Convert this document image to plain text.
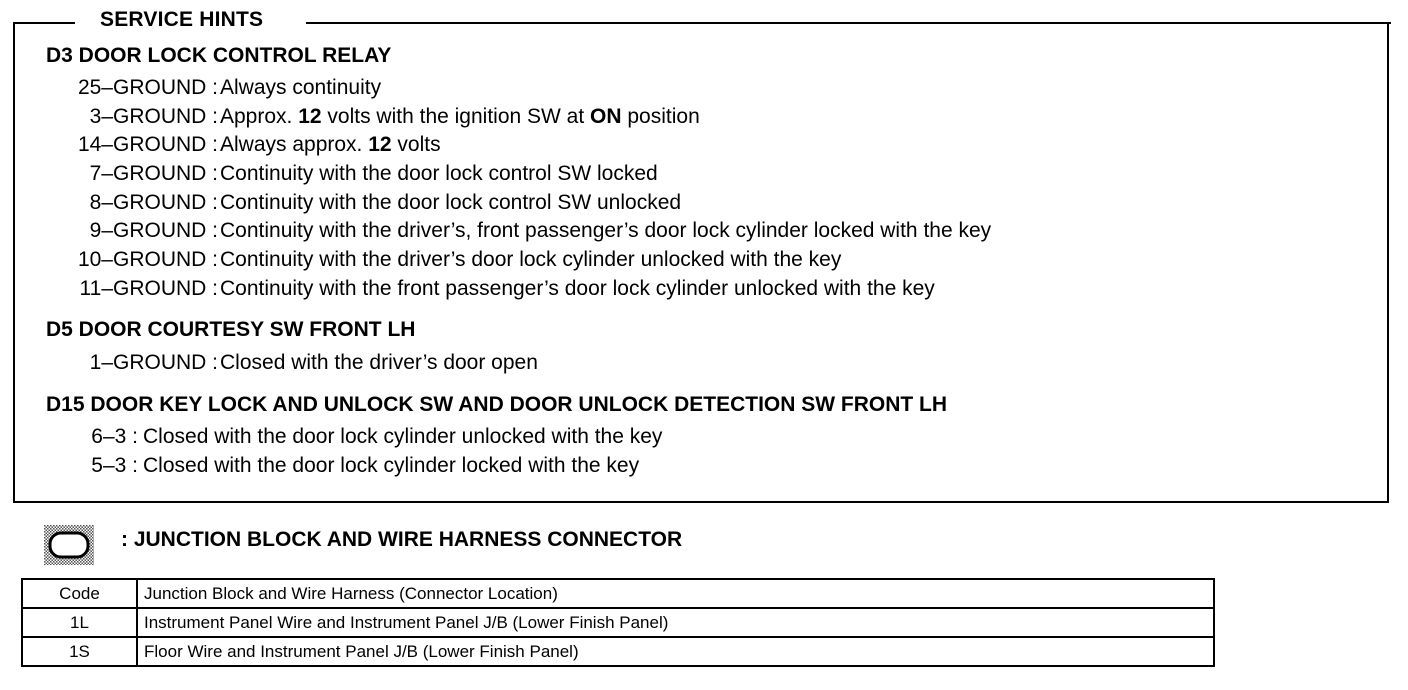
SERVICE HINTS
D3 DOOR LOCK CONTROL RELAY
25–GROUND : Always continuity
3–GROUND : Approx. 12 volts with the ignition SW at ON position
14–GROUND : Always approx. 12 volts
7–GROUND : Continuity with the door lock control SW locked
8–GROUND : Continuity with the door lock control SW unlocked
9–GROUND : Continuity with the driver’s, front passenger’s door lock cylinder locked with the key
10–GROUND : Continuity with the driver’s door lock cylinder unlocked with the key
11–GROUND : Continuity with the front passenger’s door lock cylinder unlocked with the key
D5 DOOR COURTESY SW FRONT LH
1–GROUND : Closed with the driver’s door open
D15 DOOR KEY LOCK AND UNLOCK SW AND DOOR UNLOCK DETECTION SW FRONT LH
6–3 : Closed with the door lock cylinder unlocked with the key
5–3 : Closed with the door lock cylinder locked with the key
: JUNCTION BLOCK AND WIRE HARNESS CONNECTOR
Code	Junction Block and Wire Harness (Connector Location)
1L	Instrument Panel Wire and Instrument Panel J/B (Lower Finish Panel)
1S	Floor Wire and Instrument Panel J/B (Lower Finish Panel)
